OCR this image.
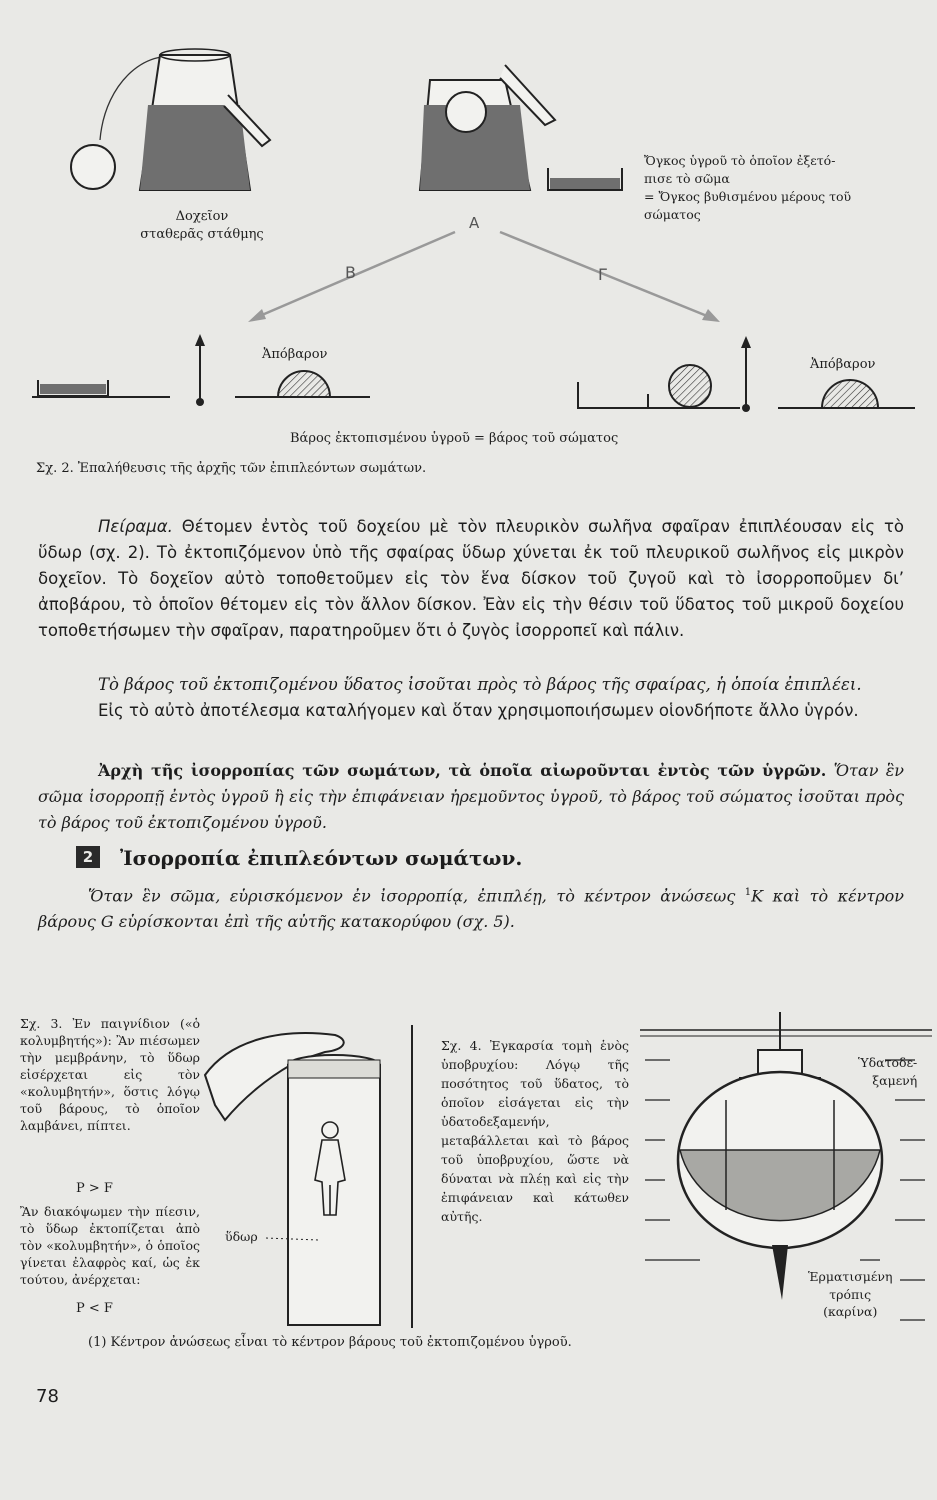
Δοχεῖον
σταθερᾶς στάθμης
Ὄγκος ὑγροῦ τὸ ὁποῖον ἐξετό-
πισε τὸ σῶμα
= Ὄγκος βυθισμένου μέρους τοῦ
σώματος
A
B	Γ
Ἀπόβαρον
Ἀπόβαρον
Βάρος ἐκτοπισμένου ὑγροῦ = βάρος τοῦ σώματος
Σχ. 2. Ἐπαλήθευσις τῆς ἀρχῆς τῶν ἐπιπλεόντων σωμάτων.

Πείραμα. Θέτομεν ἐντὸς τοῦ δοχείου μὲ τὸν πλευρικὸν σωλῆνα σφαῖραν ἐπιπλέουσαν εἰς τὸ ὕδωρ (σχ. 2). Τὸ ἐκτοπιζόμενον ὑπὸ τῆς σφαίρας ὕδωρ χύνεται ἐκ τοῦ πλευρικοῦ σωλῆνος εἰς μικρὸν δοχεῖον. Τὸ δοχεῖον αὐτὸ τοποθετοῦμεν εἰς τὸν ἕνα δίσκον τοῦ ζυγοῦ καὶ τὸ ἰσορροποῦμεν δι’ ἀποβάρου, τὸ ὁποῖον θέτομεν εἰς τὸν ἄλλον δίσκον. Ἐὰν εἰς τὴν θέσιν τοῦ ὕδατος τοῦ μικροῦ δοχείου τοποθετήσωμεν τὴν σφαῖραν, παρατηροῦμεν ὅτι ὁ ζυγὸς ἰσορροπεῖ καὶ πάλιν.

Τὸ βάρος τοῦ ἐκτοπιζομένου ὕδατος ἰσοῦται πρὸς τὸ βάρος τῆς σφαίρας, ἡ ὁποία ἐπιπλέει.

Εἰς τὸ αὐτὸ ἀποτέλεσμα καταλήγομεν καὶ ὅταν χρησιμοποιήσωμεν οἱονδήποτε ἄλλο ὑγρόν.

Ἀρχὴ τῆς ἰσορροπίας τῶν σωμάτων, τὰ ὁποῖα αἰωροῦνται ἐντὸς τῶν ὑγρῶν. Ὅταν ἓν σῶμα ἰσορροπῇ ἐντὸς ὑγροῦ ἢ εἰς τὴν ἐπιφάνειαν ἠρεμοῦντος ὑγροῦ, τὸ βάρος τοῦ σώματος ἰσοῦται πρὸς τὸ βάρος τοῦ ἐκτοπιζομένου ὑγροῦ.

2	Ἰσορροπία ἐπιπλεόντων σωμάτων.

Ὅταν ἓν σῶμα, εὑρισκόμενον ἐν ἰσορροπίᾳ, ἐπιπλέῃ, τὸ κέντρον ἀνώσεως $^1$K καὶ τὸ κέντρον βάρους G εὑρίσκονται ἐπὶ τῆς αὐτῆς κατακορύφου (σχ. 5).

Σχ. 3. Ἐν παιγνίδιον («ὁ κολυμβητής»): Ἂν πιέσωμεν τὴν μεμβράνην, τὸ ὕδωρ εἰσέρχεται εἰς τὸν «κολυμβητήν», ὅστις λόγῳ τοῦ βάρους, τὸ ὁποῖον λαμβάνει, πίπτει.
P > F
Ἂν διακόψωμεν τὴν πίεσιν, τὸ ὕδωρ ἐκτοπίζεται ἀπὸ τὸν «κολυμβητήν», ὁ ὁποῖος γίνεται ἐλαφρὸς καί, ὡς ἐκ τούτου, ἀνέρχεται:
P < F
ὕδωρ
Σχ. 4. Ἐγκαρσία τομὴ ἑνὸς ὑποβρυχίου: Λόγῳ τῆς ποσότητος τοῦ ὕδατος, τὸ ὁποῖον εἰσάγεται εἰς τὴν ὑδατοδεξαμενήν, μεταβάλλεται καὶ τὸ βάρος τοῦ ὑποβρυχίου, ὥστε νὰ δύναται νὰ πλέῃ καὶ εἰς τὴν ἐπιφάνειαν καὶ κάτωθεν αὐτῆς.
Ὑδατοδε-
ξαμενή
Ἑρματισμένη
τρόπις
(καρίνα)
(1) Κέντρον ἀνώσεως εἶναι τὸ κέντρον βάρους τοῦ ἐκτοπιζομένου ὑγροῦ.
78
